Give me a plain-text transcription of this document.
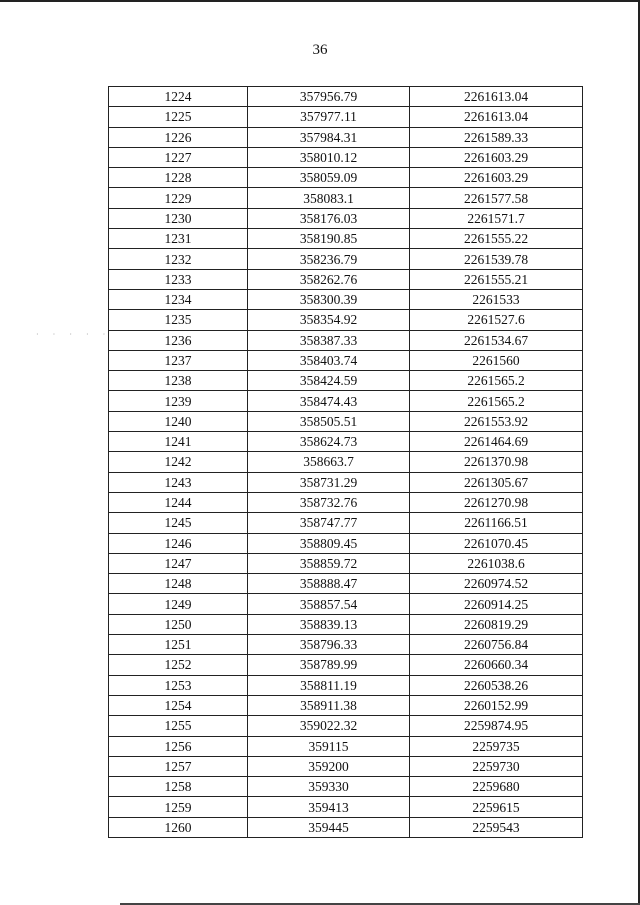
36
· · · · ·
1224	357956.79	2261613.04
1225	357977.11	2261613.04
1226	357984.31	2261589.33
1227	358010.12	2261603.29
1228	358059.09	2261603.29
1229	358083.1	2261577.58
1230	358176.03	2261571.7
1231	358190.85	2261555.22
1232	358236.79	2261539.78
1233	358262.76	2261555.21
1234	358300.39	2261533
1235	358354.92	2261527.6
1236	358387.33	2261534.67
1237	358403.74	2261560
1238	358424.59	2261565.2
1239	358474.43	2261565.2
1240	358505.51	2261553.92
1241	358624.73	2261464.69
1242	358663.7	2261370.98
1243	358731.29	2261305.67
1244	358732.76	2261270.98
1245	358747.77	2261166.51
1246	358809.45	2261070.45
1247	358859.72	2261038.6
1248	358888.47	2260974.52
1249	358857.54	2260914.25
1250	358839.13	2260819.29
1251	358796.33	2260756.84
1252	358789.99	2260660.34
1253	358811.19	2260538.26
1254	358911.38	2260152.99
1255	359022.32	2259874.95
1256	359115	2259735
1257	359200	2259730
1258	359330	2259680
1259	359413	2259615
1260	359445	2259543
